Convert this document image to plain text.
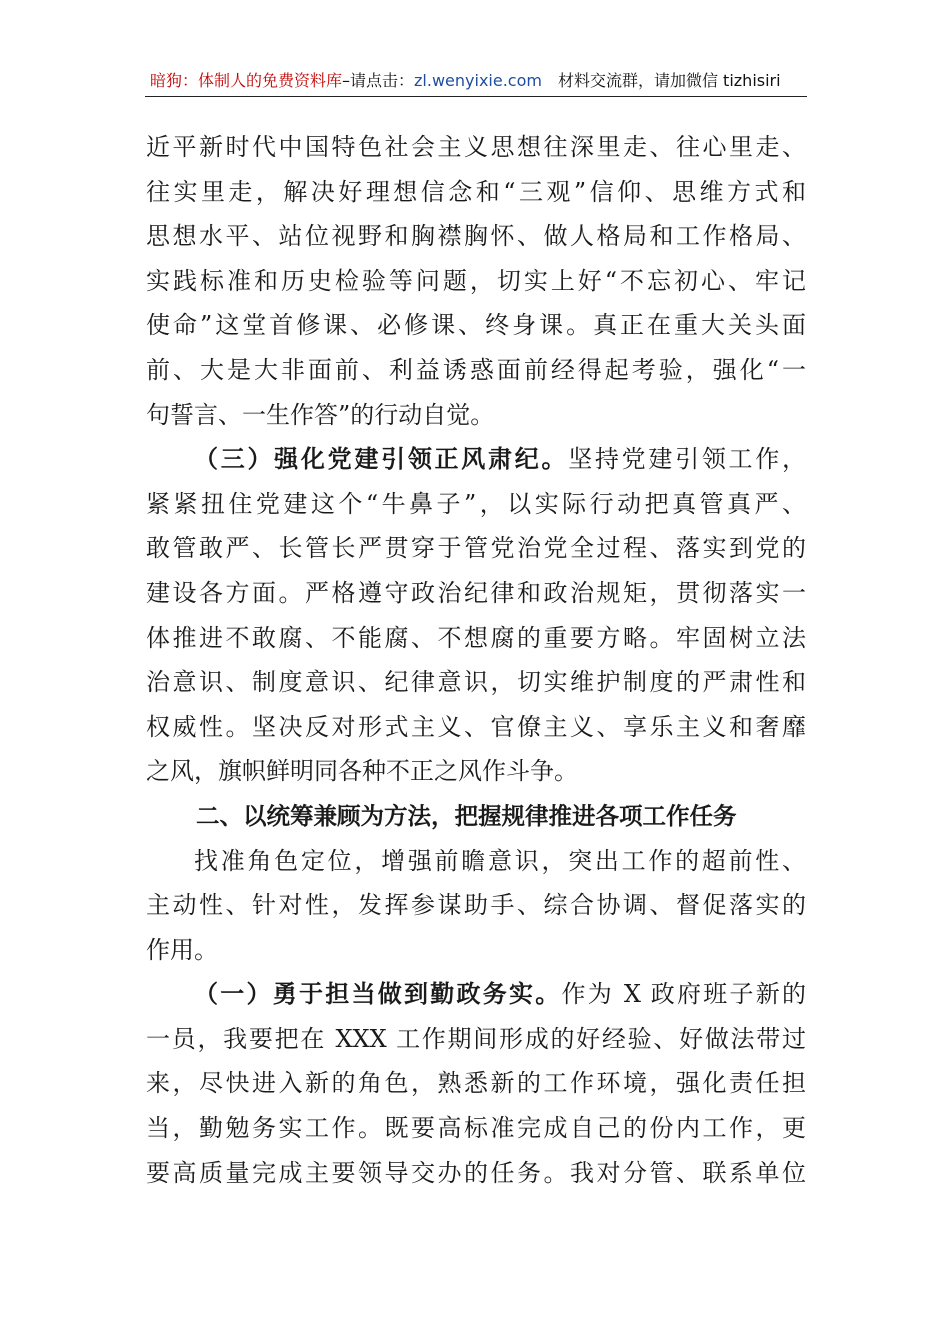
暗狗：体制人的免费资料库–请点击：zl.wenyixie.com 材料交流群，请加微信 tizhisiri
近平新时代中国特色社会主义思想往深里走、往心里走、
往实里走，解决好理想信念和“三观”信仰、思维方式和
思想水平、站位视野和胸襟胸怀、做人格局和工作格局、
实践标准和历史检验等问题，切实上好“不忘初心、牢记
使命”这堂首修课、必修课、终身课。真正在重大关头面
前、大是大非面前、利益诱惑面前经得起考验，强化“一
句誓言、一生作答”的行动自觉。
（三）强化党建引领正风肃纪。坚持党建引领工作，
紧紧扭住党建这个“牛鼻子”，以实际行动把真管真严、
敢管敢严、长管长严贯穿于管党治党全过程、落实到党的
建设各方面。严格遵守政治纪律和政治规矩，贯彻落实一
体推进不敢腐、不能腐、不想腐的重要方略。牢固树立法
治意识、制度意识、纪律意识，切实维护制度的严肃性和
权威性。坚决反对形式主义、官僚主义、享乐主义和奢靡
之风，旗帜鲜明同各种不正之风作斗争。
二、以统筹兼顾为方法，把握规律推进各项工作任务
找准角色定位，增强前瞻意识，突出工作的超前性、
主动性、针对性，发挥参谋助手、综合协调、督促落实的
作用。
（一）勇于担当做到勤政务实。作为 X 政府班子新的
一员，我要把在 XXX 工作期间形成的好经验、好做法带过
来，尽快进入新的角色，熟悉新的工作环境，强化责任担
当，勤勉务实工作。既要高标准完成自己的份内工作，更
要高质量完成主要领导交办的任务。我对分管、联系单位
